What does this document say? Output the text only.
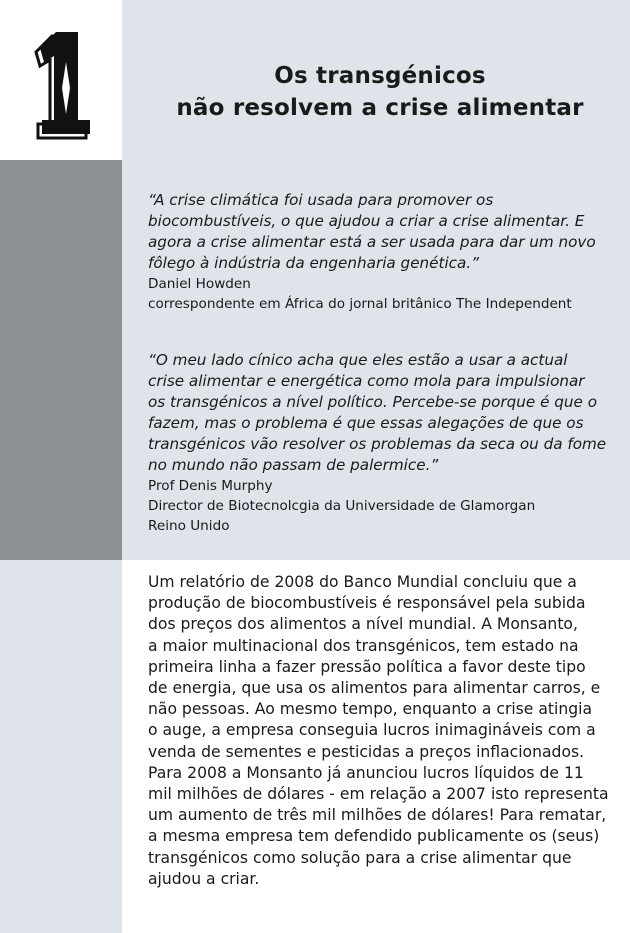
1
Os transgénicos
não resolvem a crise alimentar

“A crise climática foi usada para promover os
biocombustíveis, o que ajudou a criar a crise alimentar. E
agora a crise alimentar está a ser usada para dar um novo
fôlego à indústria da engenharia genética.”

Daniel Howden
correspondente em África do jornal britânico The Independent

“O meu lado cínico acha que eles estão a usar a actual
crise alimentar e energética como mola para impulsionar
os transgénicos a nível político. Percebe-se porque é que o
fazem, mas o problema é que essas alegações de que os
transgénicos vão resolver os problemas da seca ou da fome
no mundo não passam de palermice.”

Prof Denis Murphy
Director de Biotecnolcgia da Universidade de Glamorgan
Reino Unido

Um relatório de 2008 do Banco Mundial concluiu que a
produção de biocombustíveis é responsável pela subida
dos preços dos alimentos a nível mundial. A Monsanto,
a maior multinacional dos transgénicos, tem estado na
primeira linha a fazer pressão política a favor deste tipo
de energia, que usa os alimentos para alimentar carros, e
não pessoas. Ao mesmo tempo, enquanto a crise atingia
o auge, a empresa conseguia lucros inimagináveis com a
venda de sementes e pesticidas a preços inflacionados.
Para 2008 a Monsanto já anunciou lucros líquidos de 11
mil milhões de dólares - em relação a 2007 isto representa
um aumento de três mil milhões de dólares! Para rematar,
a mesma empresa tem defendido publicamente os (seus)
transgénicos como solução para a crise alimentar que
ajudou a criar.
